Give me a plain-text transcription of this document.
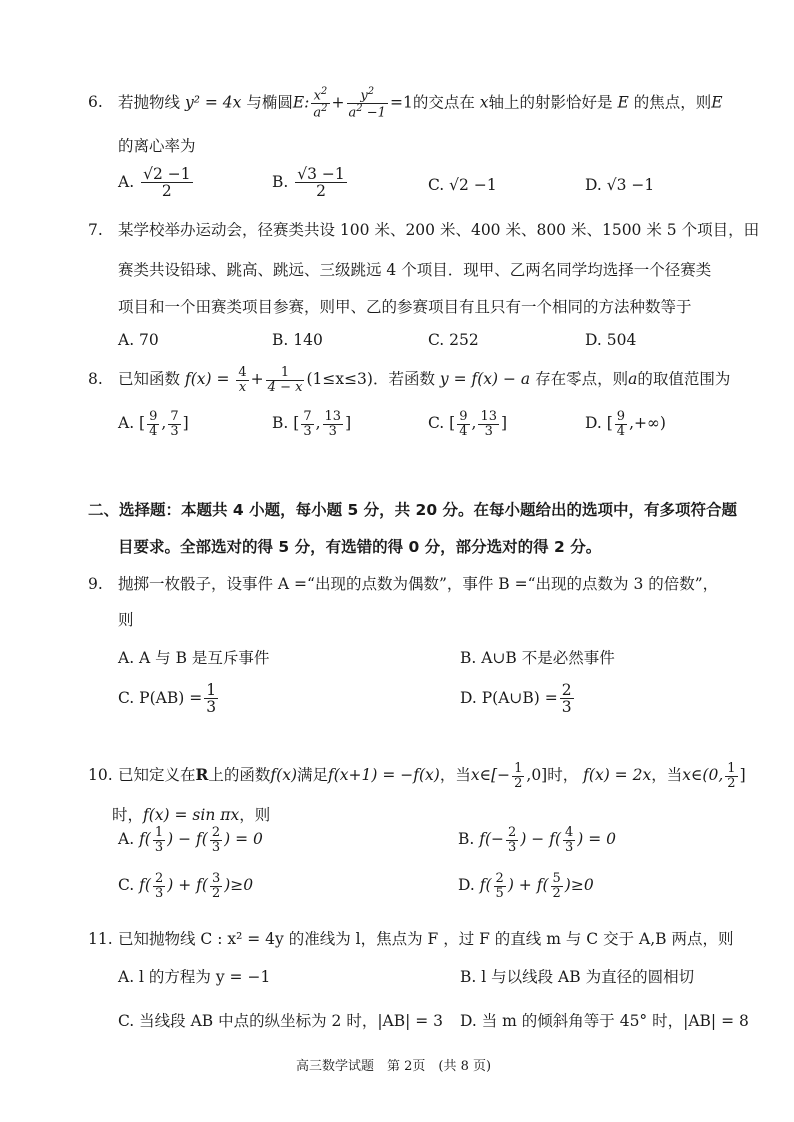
6. 若抛物线 y² = 4x 与椭圆E: $\frac{x^2}{a^2} + \frac{y^2}{a^2 -1} =1$的交点在 x轴上的射影恰好是 E 的焦点，则E
的离心率为
A. $\frac{√2 -1}{2}$	B. $\frac{√3 -1}{2}$	C. √2 −1	D. √3 −1
7. 某学校举办运动会，径赛类共设 100 米、200 米、400 米、800 米、1500 米 5 个项目，田
赛类共设铅球、跳高、跳远、三级跳远 4 个项目．现甲、乙两名同学均选择一个径赛类
项目和一个田赛类项目参赛，则甲、乙的参赛项目有且只有一个相同的方法种数等于
A. 70	B. 140	C. 252	D. 504
8. 已知函数 $f(x) = \frac{4}{x} + \frac{1}{4 - x} (1\le x\le 3)$．若函数 y = f(x) − a 存在零点，则a的取值范围为
A. [ $\frac{9}{4}$ , $\frac{7}{3}$ ]	B. [ $\frac{7}{3}$ , $\frac{13}{3}$ ]	C. [ $\frac{9}{4}$ , $\frac{13}{3}$ ]	D. [ $\frac{9}{4}$ ,+∞)
二、选择题：本题共 4 小题，每小题 5 分，共 20 分。在每小题给出的选项中，有多项符合题
目要求。全部选对的得 5 分，有选错的得 0 分，部分选对的得 2 分。
9. 抛掷一枚骰子，设事件 A =“出现的点数为偶数”，事件 B =“出现的点数为 3 的倍数”，
则
A. A 与 B 是互斥事件	B. A∪B 不是必然事件
C. $P(AB) = \frac{1}{3}$	D. P(A∪B) = $\frac{2}{3}$
10. 已知定义在R上的函数f(x)满足f(x+1) = −f(x)，当x∈[− $\frac{1}{2} ,0$]时， f(x) = 2x，当x∈(0, $\frac{1}{2}$ ]
时，f(x) = sin πx，则
A. $f( \frac{1}{3}$ ) − $f( \frac{2}{3}$ ) = 0	B. $f(- \frac{2}{3}$ ) − $f( \frac{4}{3}$ ) = 0
C. $f( \frac{2}{3}$ ) + $f( \frac{3}{2} )\ge 0$	D. $f( \frac{2}{5}$ ) + $f( \frac{5}{2} )\ge 0$
11. 已知抛物线 C : x² = 4y 的准线为 l，焦点为 F ，过 F 的直线 m 与 C 交于 A,B 两点，则
A. l 的方程为 y = −1	B. l 与以线段 AB 为直径的圆相切
C. 当线段 AB 中点的纵坐标为 2 时，|AB| = 3 D. 当 m 的倾斜角等于 45° 时，|AB| = 8
高三数学试题　第 2页　(共 8 页)
